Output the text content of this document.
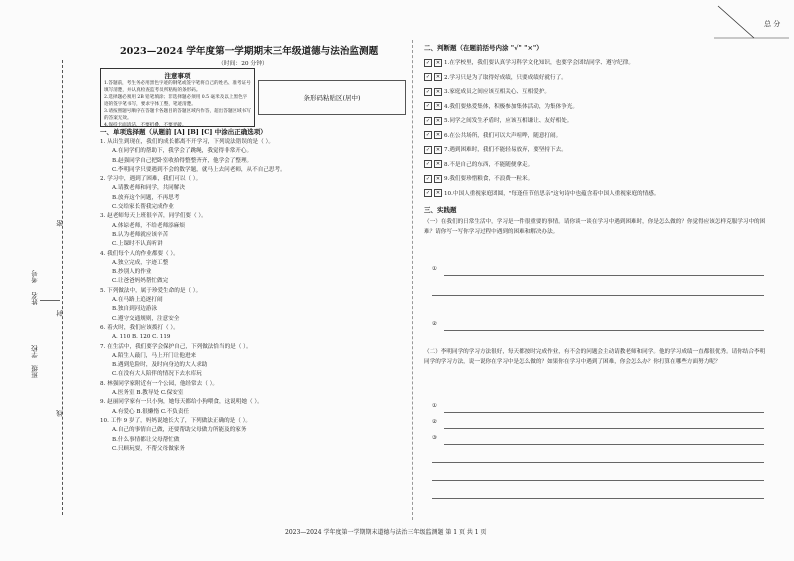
总 分
考号
姓名
学校
班级
密
封
线
2023—2024 学年度第一学期期末三年级道德与法治监测题
（时间：20 分钟）
注意事项

1.答题前，考生务必用黑色字迹的钢笔或签字笔将自己的姓名、准考证号填写清楚，并认真检查监考员所粘贴的条形码。

2.选择题必须用 2B 铅笔填涂；非选择题必须用 0.5 毫米及以上黑色字迹的签字笔书写，要求字体工整，笔迹清楚。

3.请按照题号顺序在答题卡各题目的答题区域内作答，超出答题区域书写的答案无效。

4.保持卡面清洁，不要折叠，不要弄破。

条形码粘贴区(居中)
一、单项选择题（从题前 [A] [B] [C] 中涂出正确选项）
1. 从出生到现在，我们的成长都离不开学习，下列说法错误的是（ ）。
A.在同学们的帮助下，我学会了跳绳，我觉得非常开心。
B.赵强同学自己把卧室收拾得整整齐齐，他学会了整理。
C.李明同学只要遇到不会的数学题，就马上去问老师，从不自己思考。
2. 学习中，遇到了困难，我们可以（ ）。
A.请教老师和同学，共同解决
B.放弃这个问题，不再思考
C.交给家长帮我完成作业
3. 赵老师每天上班很辛苦，同学们要（ ）。
A.体谅老师，不给老师添麻烦
B.认为老师就应该辛苦
C.上课时不认真听讲
4. 我们每个人的作业都要（ ）。
A.独立完成，字迹工整
B.抄别人的作业
C.让爸爸妈妈帮忙做完
5. 下列做法中，属于珍爱生命的是（ ）。
A.在马路上追逐打闹
B.独自到河边游泳
C.遵守交通规则，注意安全
6. 着火时，我们应该拨打（ ）。
A. 110 B. 120 C. 119
7. 在生活中，我们要学会保护自己，下列做法恰当的是（ ）。
A.陌生人敲门，马上开门让他进来
B.遇到危险时，及时向身边的大人求助
C.在没有大人陪伴的情况下去水库玩
8. 林强同学家附近有一个公园，他经常去（ ）。
A.医务室 B.教导处 C.保安室
9. 赵丽同学家有一只小狗，她每天都给小狗喂食，这说明她（ ）。
A.有爱心 B.很懒惰 C.不负责任
10. 工作 9 岁了，妈妈说她长大了，下列做法正确的是（ ）。
A.自己的事情自己做，还要帮助父母做力所能及的家务
B.什么事情都让父母帮忙做
C.只顾玩耍，不帮父母做家务
二、判断题（在题前括号内涂 "√" "×"）
✓ ✕ 1.在学校里，我们要认真学习科学文化知识，也要学会团结同学、遵守纪律。
✓ ✕ 2.学习只是为了取得好成绩，只要成绩好就行了。
✓ ✕ 3.家庭成员之间应该互相关心、互相爱护。
✓ ✕ 4.我们要热爱集体，积极参加集体活动，为集体争光。
✓ ✕ 5.同学之间发生矛盾时，应该互相谦让、友好相处。
✓ ✕ 6.在公共场所，我们可以大声喧哗，随意打闹。
✓ ✕ 7.遇到困难时，我们不能轻易放弃，要坚持下去。
✓ ✕ 8.不是自己的东西，不能随便拿走。
✓ ✕ 9.我们要珍惜粮食，不浪费一粒米。
✓ ✕ 10.中国人重视家庭团圆，"每逢佳节倍思亲"这句诗中也蕴含着中国人重视家庭的情感。
三、实践题
（一）在我们的日常生活中，学习是一件很重要的事情。请你谈一谈在学习中遇到困难时，你是怎么做的？你觉得应该怎样克服学习中的困难？请你写一写你学习过程中遇到的困难和解决办法。
①
②
（二）李明同学的学习方法很好，每天都按时完成作业，有不会的问题会主动请教老师和同学。他的学习成绩一直都很优秀。请你结合李明同学的学习方法，说一说你在学习中是怎么做的？如果你在学习中遇到了困难，你会怎么办？你打算在哪些方面努力呢？
①
②
③
2023—2024 学年度第一学期期末道德与法治三年级监测题 第 1 页 共 1 页
